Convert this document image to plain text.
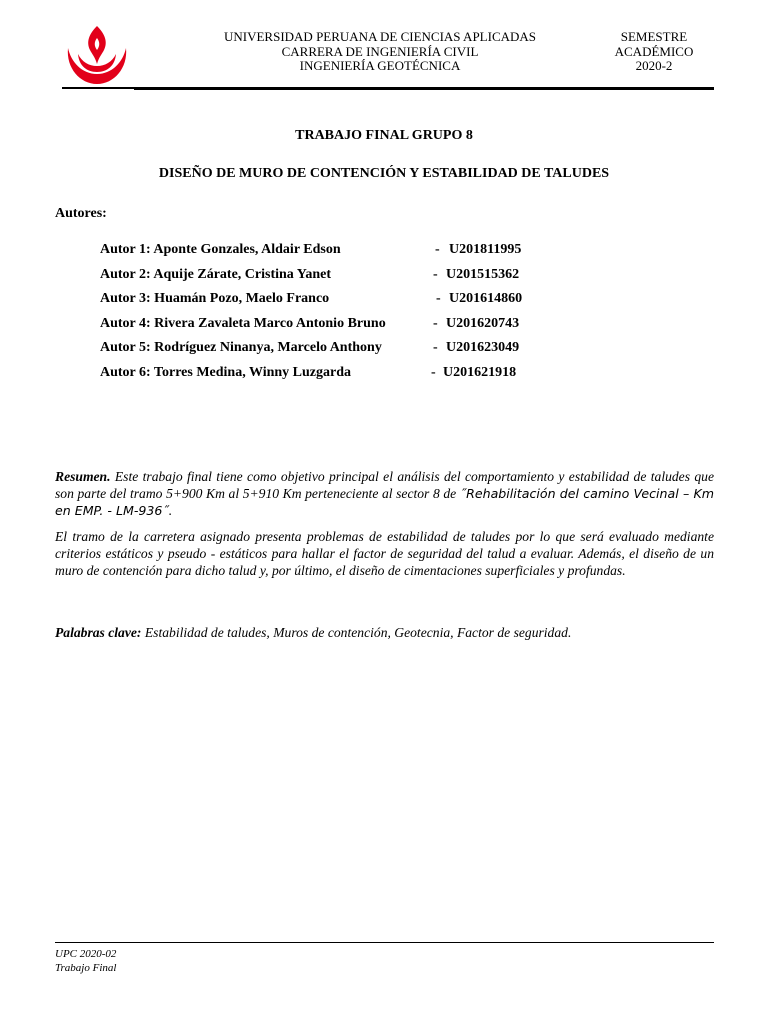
UNIVERSIDAD PERUANA DE CIENCIAS APLICADAS
CARRERA DE INGENIERÍA CIVIL
INGENIERÍA GEOTÉCNICA
SEMESTRE
ACADÉMICO
2020-2
TRABAJO FINAL GRUPO 8
DISEÑO DE MURO DE CONTENCIÓN Y ESTABILIDAD DE TALUDES
Autores:
Autor 1: Aponte Gonzales, Aldair Edson	- U201811995
Autor 2: Aquije Zárate, Cristina Yanet	- U201515362
Autor 3: Huamán Pozo, Maelo Franco	- U201614860
Autor 4: Rivera Zavaleta Marco Antonio Bruno	- U201620743
Autor 5: Rodríguez Ninanya, Marcelo Anthony	- U201623049
Autor 6: Torres Medina, Winny Luzgarda	- U201621918

Resumen. Este trabajo final tiene como objetivo principal el análisis del comportamiento y estabilidad de taludes que son parte del tramo 5+900 Km al 5+910 Km perteneciente al sector 8 de ˝Rehabilitación del camino Vecinal – Km en EMP. - LM-936˝.

El tramo de la carretera asignado presenta problemas de estabilidad de taludes por lo que será evaluado mediante criterios estáticos y pseudo - estáticos para hallar el factor de seguridad del talud a evaluar. Además, el diseño de un muro de contención para dicho talud y, por último, el diseño de cimentaciones superficiales y profundas.

Palabras clave: Estabilidad de taludes, Muros de contención, Geotecnia, Factor de seguridad.
UPC 2020-02
Trabajo Final
